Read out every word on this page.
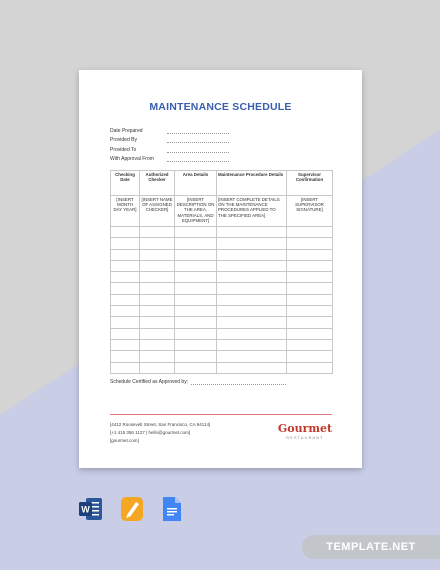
MAINTENANCE SCHEDULE
Date Prepared
Provided By
Provided To
With Approval From
Checking Date	Authorized Checker	Area Details	Maintenance Procedure Details	Supervisor Confirmation
[INSERT MONTH DAY YEAR]	[INSERT NAME OF ASSIGNED CHECKER]	[INSERT DESCRIPTION ON THE AREA, MATERIALS, AND EQUIPMENT]	[INSERT COMPLETE DETAILS ON THE MAINTENANCE PROCEDURES APPLIED TO THE SPECIFIED AREA]	[INSERT SUPERVISOR SIGNATURE]

Schedule Certified as Approved by:
[4412 Roosevelt Street, San Francisco, CA 94114]
[+1 415 356 1127 | hello@gourmet.com]
[gourmet.com]
Gourmet
RESTAURANT
W
TEMPLATE.NET
